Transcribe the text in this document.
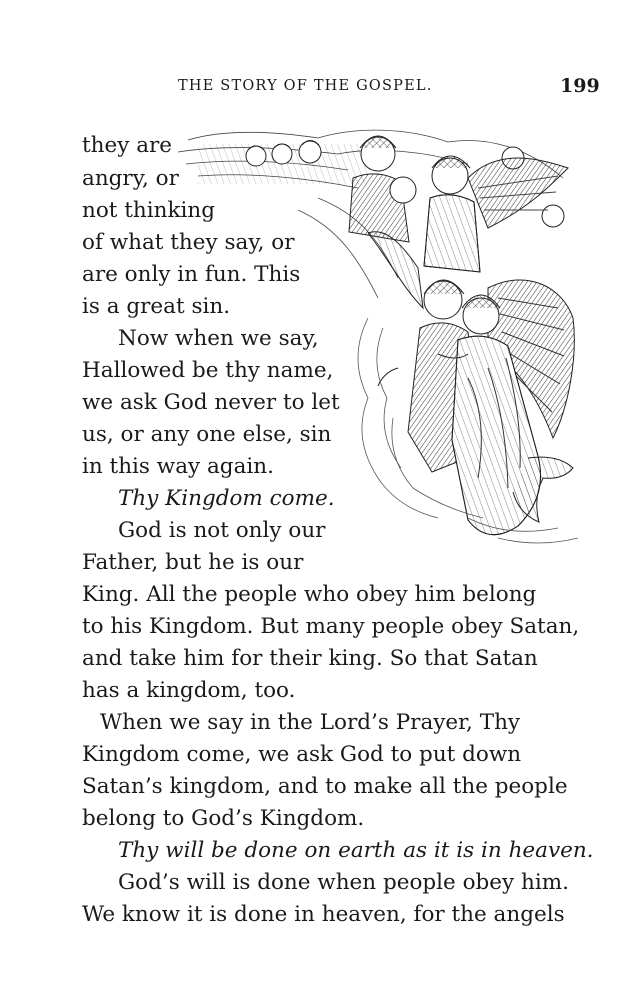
THE STORY OF THE GOSPEL.	199
they are
angry, or
not thinking
of what they say, or
are only in fun. This
is a great sin.
Now when we say,
Hallowed be thy name,
we ask God never to let
us, or any one else, sin
in this way again.
Thy Kingdom come.
God is not only our
Father, but he is our
King. All the people who obey him belong
to his Kingdom. But many people obey Satan,
and take him for their king. So that Satan
has a kingdom, too.
When we say in the Lord’s Prayer, Thy
Kingdom come, we ask God to put down
Satan’s kingdom, and to make all the people
belong to God’s Kingdom.
Thy will be done on earth as it is in heaven.
God’s will is done when people obey him.
We know it is done in heaven, for the angels
